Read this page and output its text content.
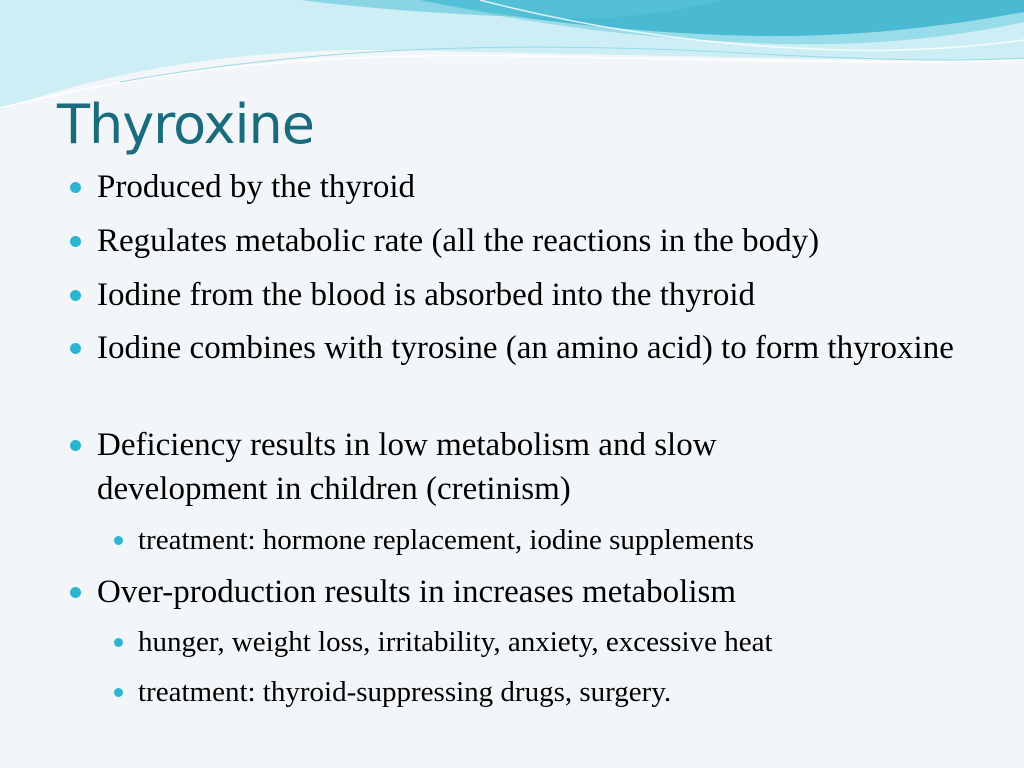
Thyroxine
Produced by the thyroid
Regulates metabolic rate (all the reactions in the body)
Iodine from the blood is absorbed into the thyroid
Iodine combines with tyrosine (an amino acid) to form thyroxine
Deficiency results in low metabolism and slow development in children (cretinism)
treatment: hormone replacement, iodine supplements
Over-production results in increases metabolism
hunger, weight loss, irritability, anxiety, excessive heat
treatment: thyroid-suppressing drugs, surgery.
